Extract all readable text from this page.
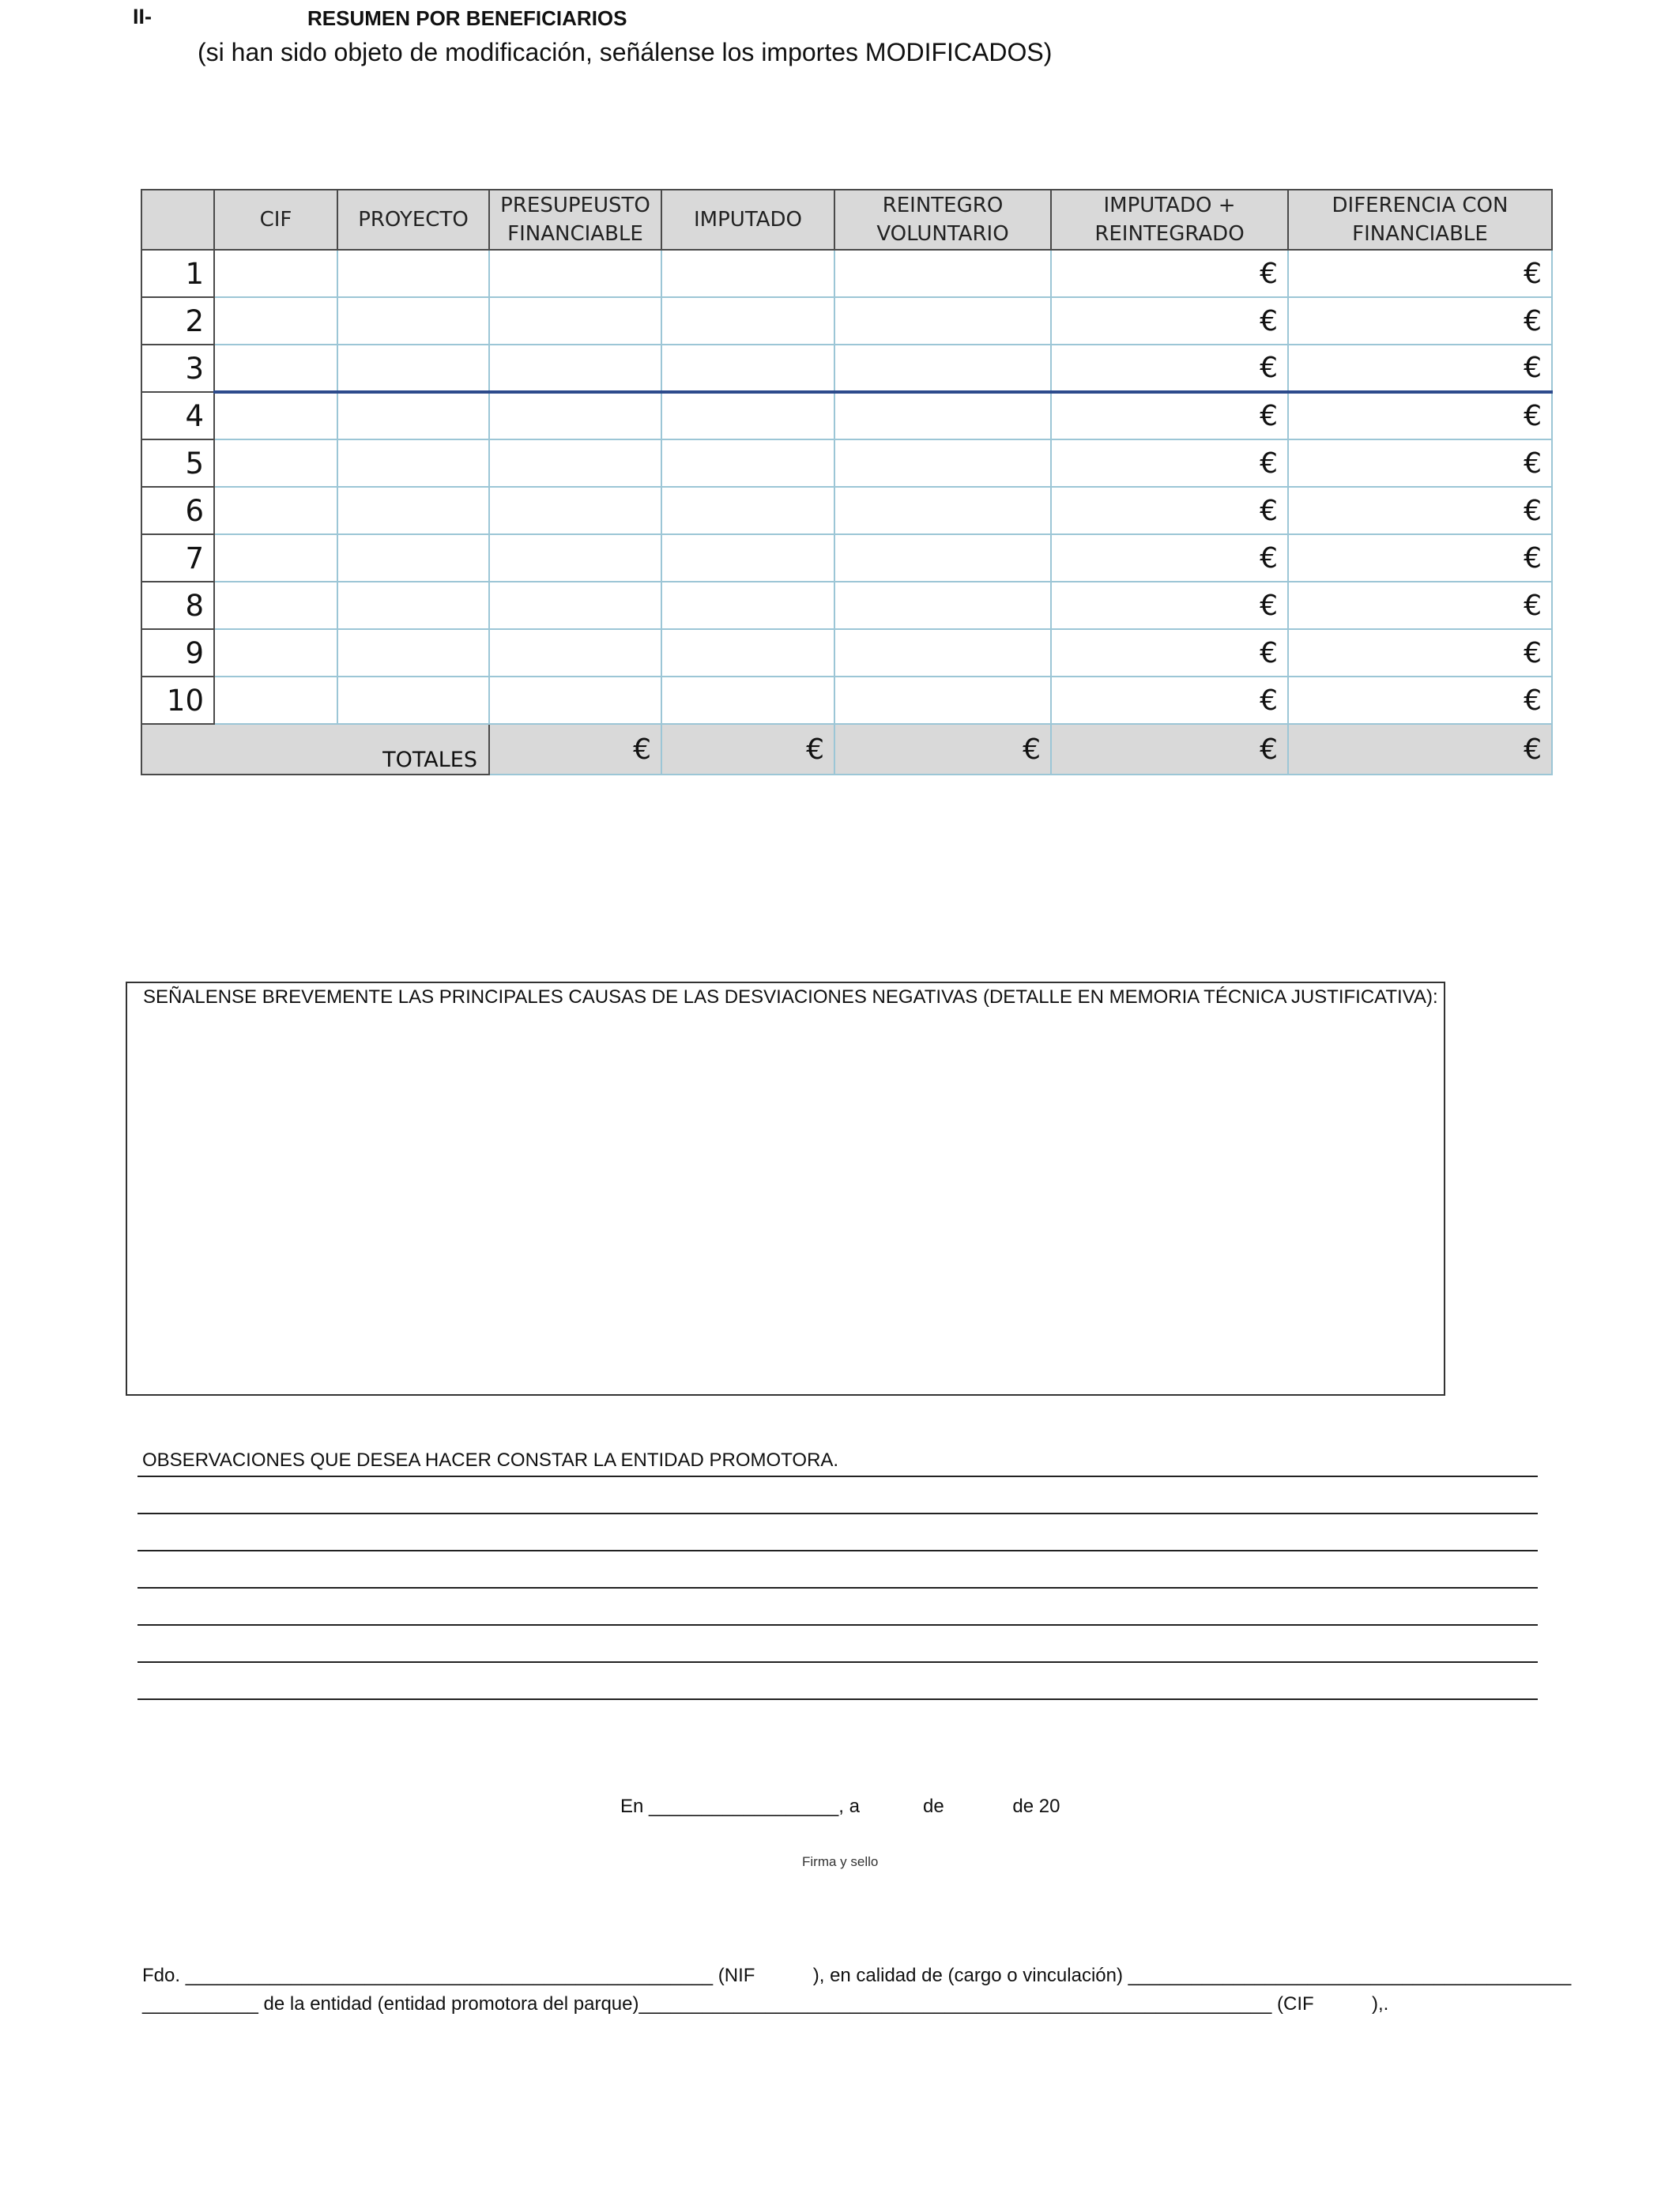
II-	RESUMEN POR BENEFICIARIOS
(si han sido objeto de modificación, señálense los importes MODIFICADOS)
	CIF	PROYECTO	PRESUPEUSTO FINANCIABLE	IMPUTADO	REINTEGRO VOLUNTARIO	IMPUTADO + REINTEGRADO	DIFERENCIA CON FINANCIABLE
1						€	€
2						€	€
3						€	€
4						€	€
5						€	€
6						€	€
7						€	€
8						€	€
9						€	€
10						€	€
TOTALES			€	€	€	€	€
SEÑALENSE BREVEMENTE LAS PRINCIPALES CAUSAS DE LAS DESVIACIONES NEGATIVAS (DETALLE EN MEMORIA TÉCNICA JUSTIFICATIVA):
OBSERVACIONES QUE DESEA HACER CONSTAR LA ENTIDAD PROMOTORA.
En __________________, a            de             de 20
Firma y sello
Fdo. __________________________________________________ (NIF           ), en calidad de (cargo o vinculación) __________________________________________
___________ de la entidad (entidad promotora del parque)____________________________________________________________ (CIF           ),.
